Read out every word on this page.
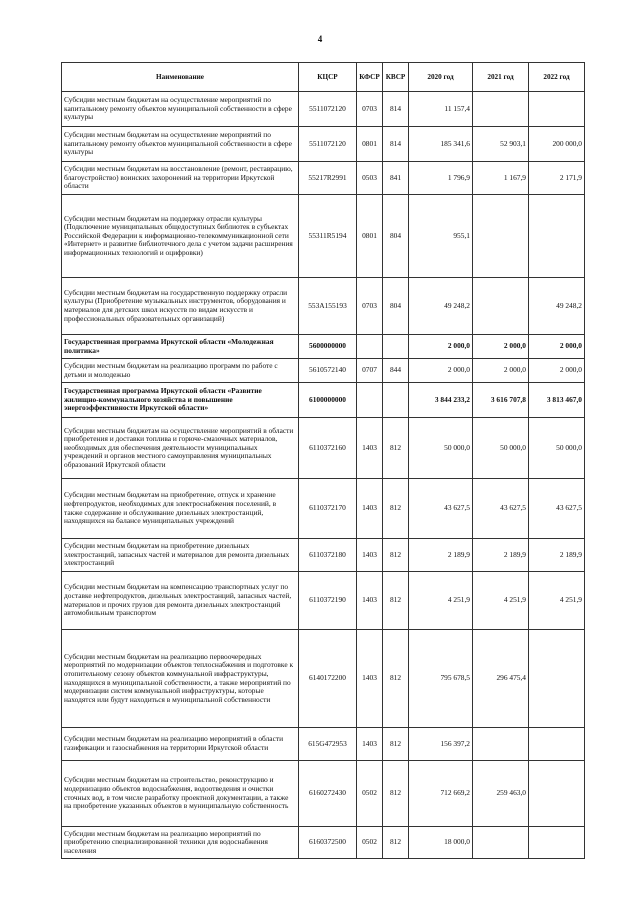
4
Наименование	КЦСР	КФСР	КВСР	2020 год	2021 год	2022 год
Субсидии местным бюджетам на осуществление мероприятий по капитальному ремонту объектов муниципальной собственности в сфере культуры	5511072120	0703	814	11 157,4		
Субсидии местным бюджетам на осуществление мероприятий по капитальному ремонту объектов муниципальной собственности в сфере культуры	5511072120	0801	814	185 341,6	52 903,1	200 000,0
Субсидии местным бюджетам на восстановление (ремонт, реставрацию, благоустройство) воинских захоронений на территории Иркутской области	55217R2991	0503	841	1 796,9	1 167,9	2 171,9
Субсидии местным бюджетам на поддержку отрасли культуры (Подключение муниципальных общедоступных библиотек в субъектах Российской Федерации к информационно-телекоммуникационной сети «Интернет» и развитие библиотечного дела с учетом задачи расширения информационных технологий и оцифровки)	55311R5194	0801	804	955,1		
Субсидии местным бюджетам на государственную поддержку отрасли культуры (Приобретение музыкальных инструментов, оборудования и материалов для детских школ искусств по видам искусств и профессиональных образовательных организаций)	553A155193	0703	804	49 248,2		49 248,2
Государственная программа Иркутской области «Молодежная политика»	5600000000			2 000,0	2 000,0	2 000,0
Субсидии местным бюджетам на реализацию программ по работе с детьми и молодежью	5610572140	0707	844	2 000,0	2 000,0	2 000,0
Государственная программа Иркутской области «Развитие жилищно-коммунального хозяйства и повышение энергоэффективности Иркутской области»	6100000000			3 844 233,2	3 616 707,8	3 813 467,0
Субсидии местным бюджетам на осуществление мероприятий в области приобретения и доставки топлива и горюче-смазочных материалов, необходимых для обеспечения деятельности муниципальных учреждений и органов местного самоуправления муниципальных образований Иркутской области	6110372160	1403	812	50 000,0	50 000,0	50 000,0
Субсидии местным бюджетам на приобретение, отпуск и хранение нефтепродуктов, необходимых для электроснабжения поселений, в также содержание и обслуживание дизельных электростанций, находящихся на балансе муниципальных учреждений	6110372170	1403	812	43 627,5	43 627,5	43 627,5
Субсидии местным бюджетам на приобретение дизельных электростанций, запасных частей и материалов для ремонта дизельных электростанций	6110372180	1403	812	2 189,9	2 189,9	2 189,9
Субсидии местным бюджетам на компенсацию транспортных услуг по доставке нефтепродуктов, дизельных электростанций, запасных частей, материалов и прочих грузов для ремонта дизельных электростанций автомобильным транспортом	6110372190	1403	812	4 251,9	4 251,9	4 251,9
Субсидии местным бюджетам на реализацию первоочередных мероприятий по модернизации объектов теплоснабжения и подготовке к отопительному сезону объектов коммунальной инфраструктуры, находящихся в муниципальной собственности, а также мероприятий по модернизации систем коммунальной инфраструктуры, которые находятся или будут находиться в муниципальной собственности	6140172200	1403	812	795 678,5	296 475,4	
Субсидии местным бюджетам на реализацию мероприятий в области газификации и газоснабжения на территории Иркутской области	615G472953	1403	812	156 397,2		
Субсидии местным бюджетам на строительство, реконструкцию и модернизацию объектов водоснабжения, водоотведения и очистки сточных вод, в том числе разработку проектной документации, а также на приобретение указанных объектов в муниципальную собственность	6160272430	0502	812	712 669,2	259 463,0	
Субсидии местным бюджетам на реализацию мероприятий по приобретению специализированной техники для водоснабжения населения	6160372500	0502	812	18 000,0		
